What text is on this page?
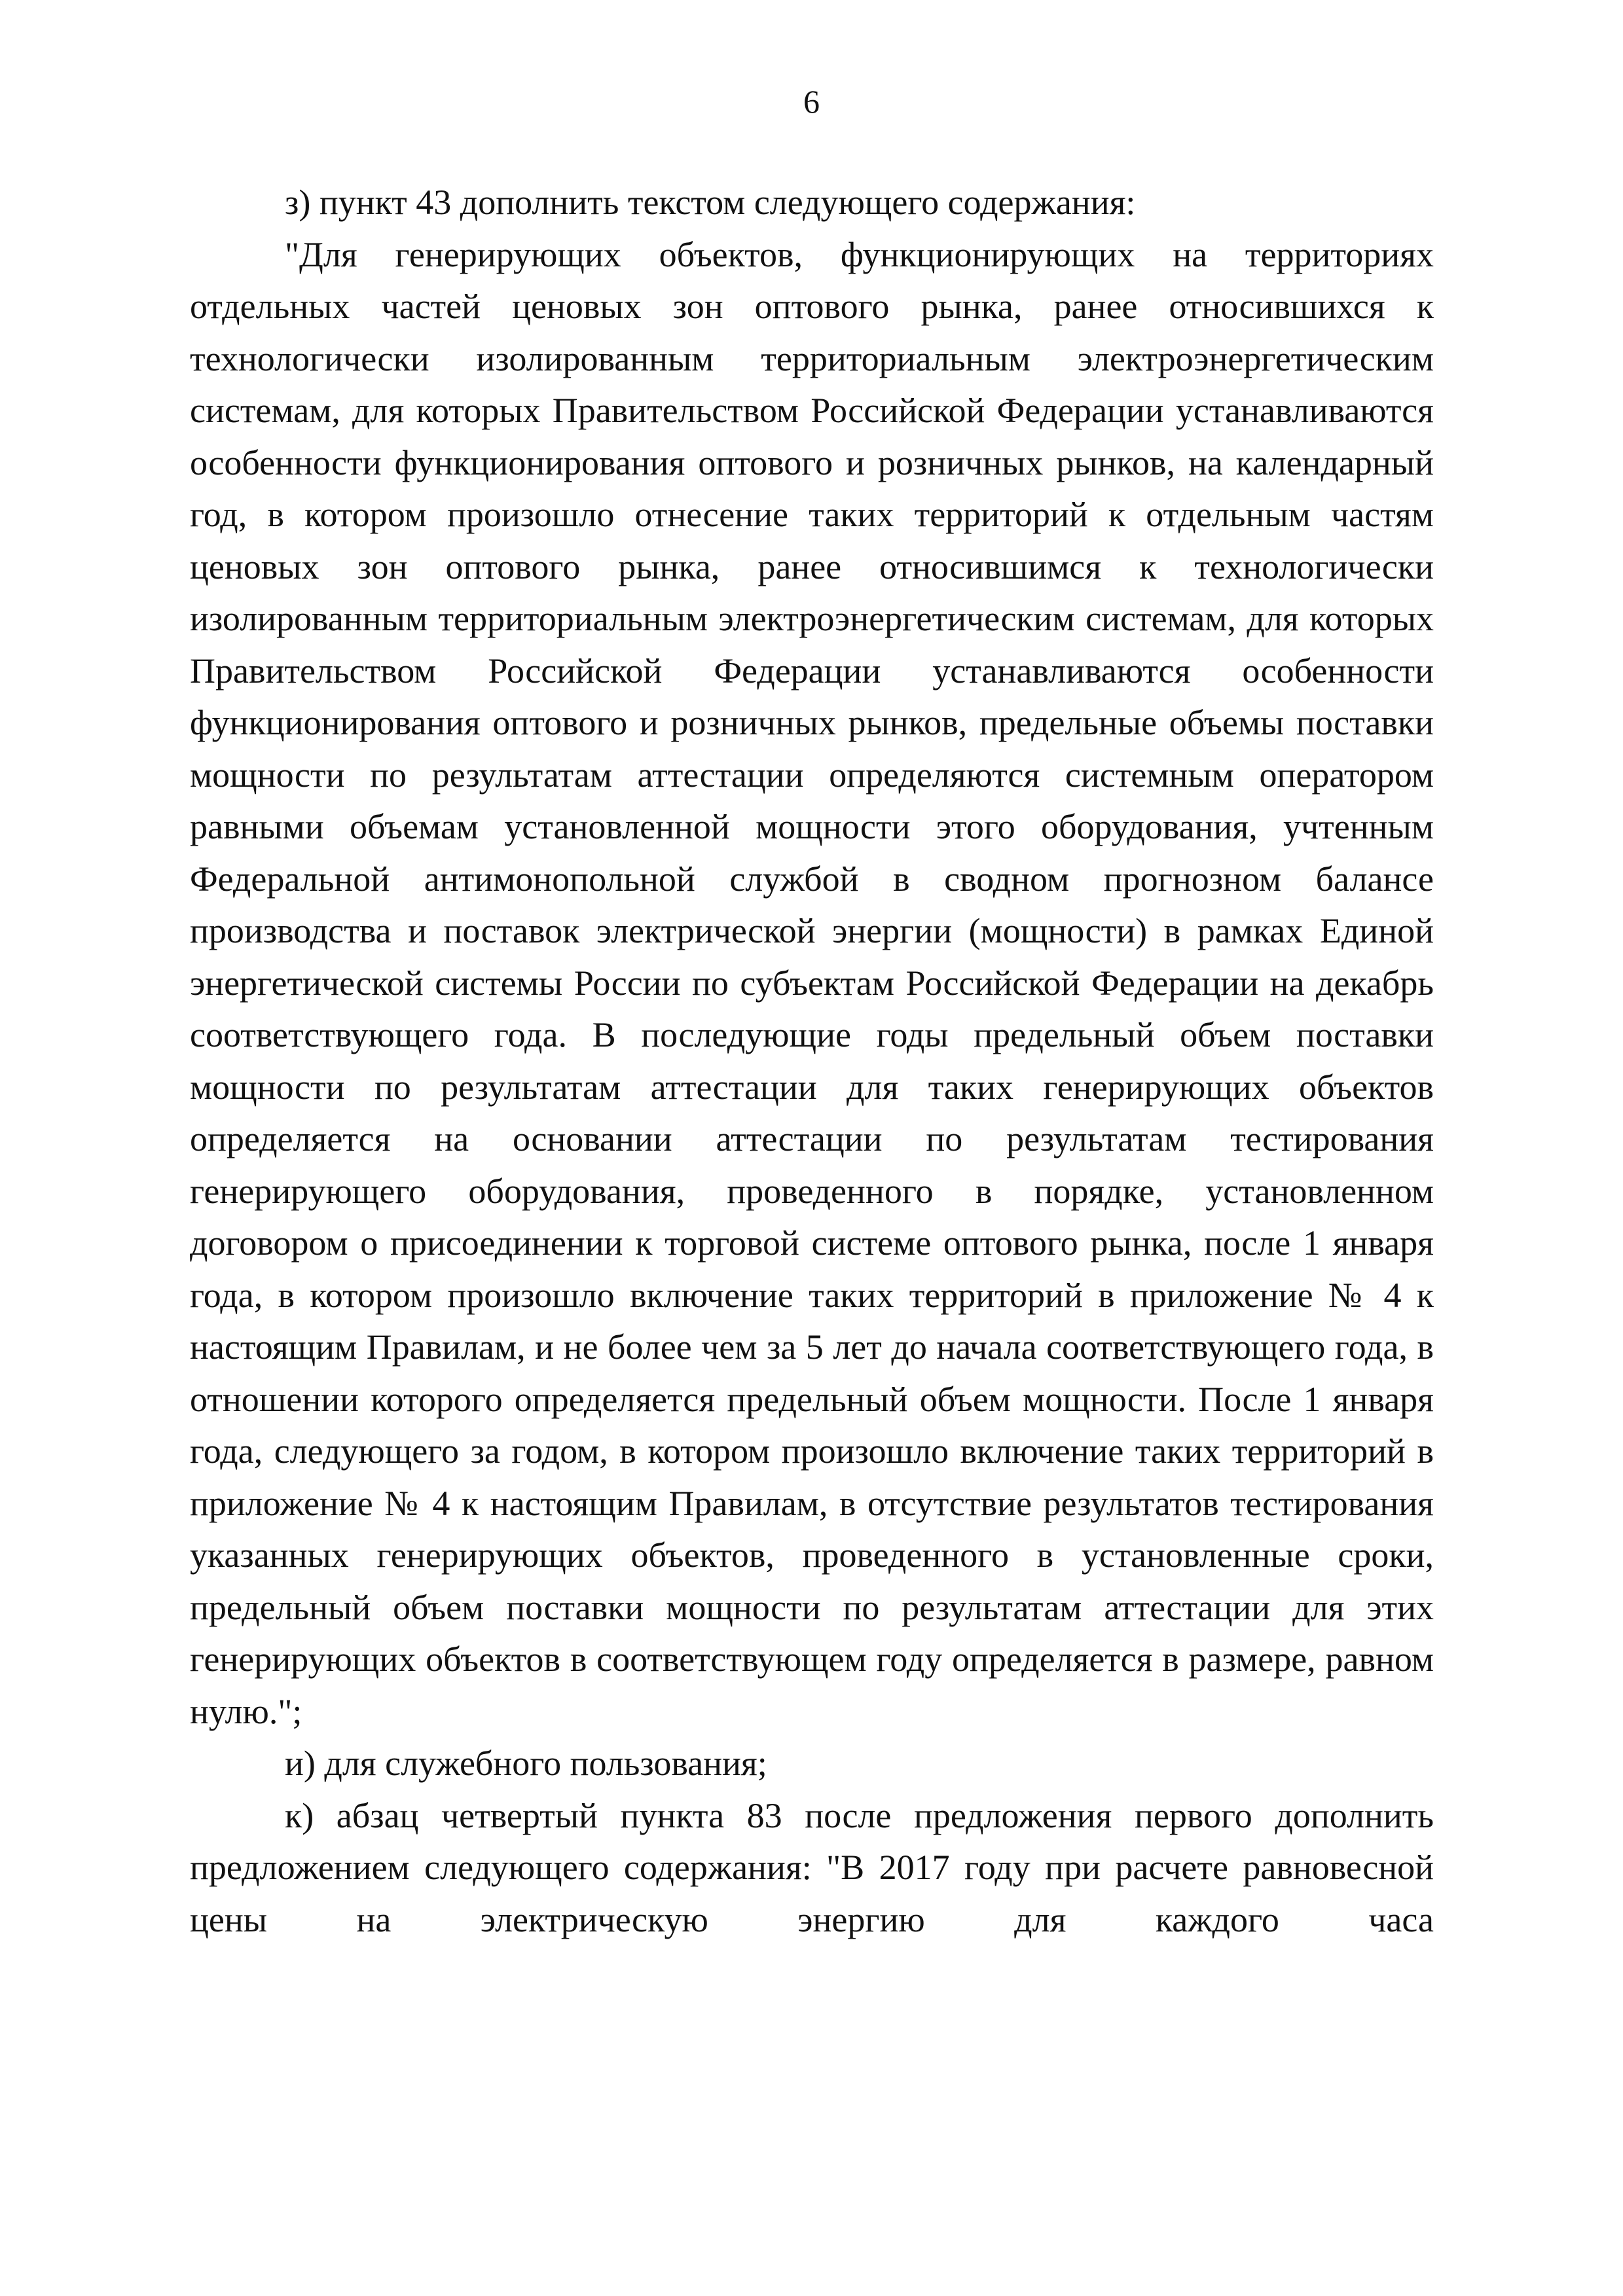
6

з) пункт 43 дополнить текстом следующего содержания:

"Для генерирующих объектов, функционирующих на территориях отдельных частей ценовых зон оптового рынка, ранее относившихся к технологически изолированным территориальным электроэнергетическим системам, для которых Правительством Российской Федерации устанавливаются особенности функционирования оптового и розничных рынков, на календарный год, в котором произошло отнесение таких территорий к отдельным частям ценовых зон оптового рынка, ранее относившимся к технологически изолированным территориальным электроэнергетическим системам, для которых Правительством Российской Федерации устанавливаются особенности функционирования оптового и розничных рынков, предельные объемы поставки мощности по результатам аттестации определяются системным оператором равными объемам установленной мощности этого оборудования, учтенным Федеральной антимонопольной службой в сводном прогнозном балансе производства и поставок электрической энергии (мощности) в рамках Единой энергетической системы России по субъектам Российской Федерации на декабрь соответствующего года. В последующие годы предельный объем поставки мощности по результатам аттестации для таких генерирующих объектов определяется на основании аттестации по результатам тестирования генерирующего оборудования, проведенного в порядке, установленном договором о присоединении к торговой системе оптового рынка, после 1 января года, в котором произошло включение таких территорий в приложение № 4 к настоящим Правилам, и не более чем за 5 лет до начала соответствующего года, в отношении которого определяется предельный объем мощности. После 1 января года, следующего за годом, в котором произошло включение таких территорий в приложение № 4 к настоящим Правилам, в отсутствие результатов тестирования указанных генерирующих объектов, проведенного в установленные сроки, предельный объем поставки мощности по результатам аттестации для этих генерирующих объектов в соответствующем году определяется в размере, равном нулю.";

и) для служебного пользования;

к) абзац четвертый пункта 83 после предложения первого дополнить предложением следующего содержания: "В 2017 году при расчете равновесной цены на электрическую энергию для каждого часа
